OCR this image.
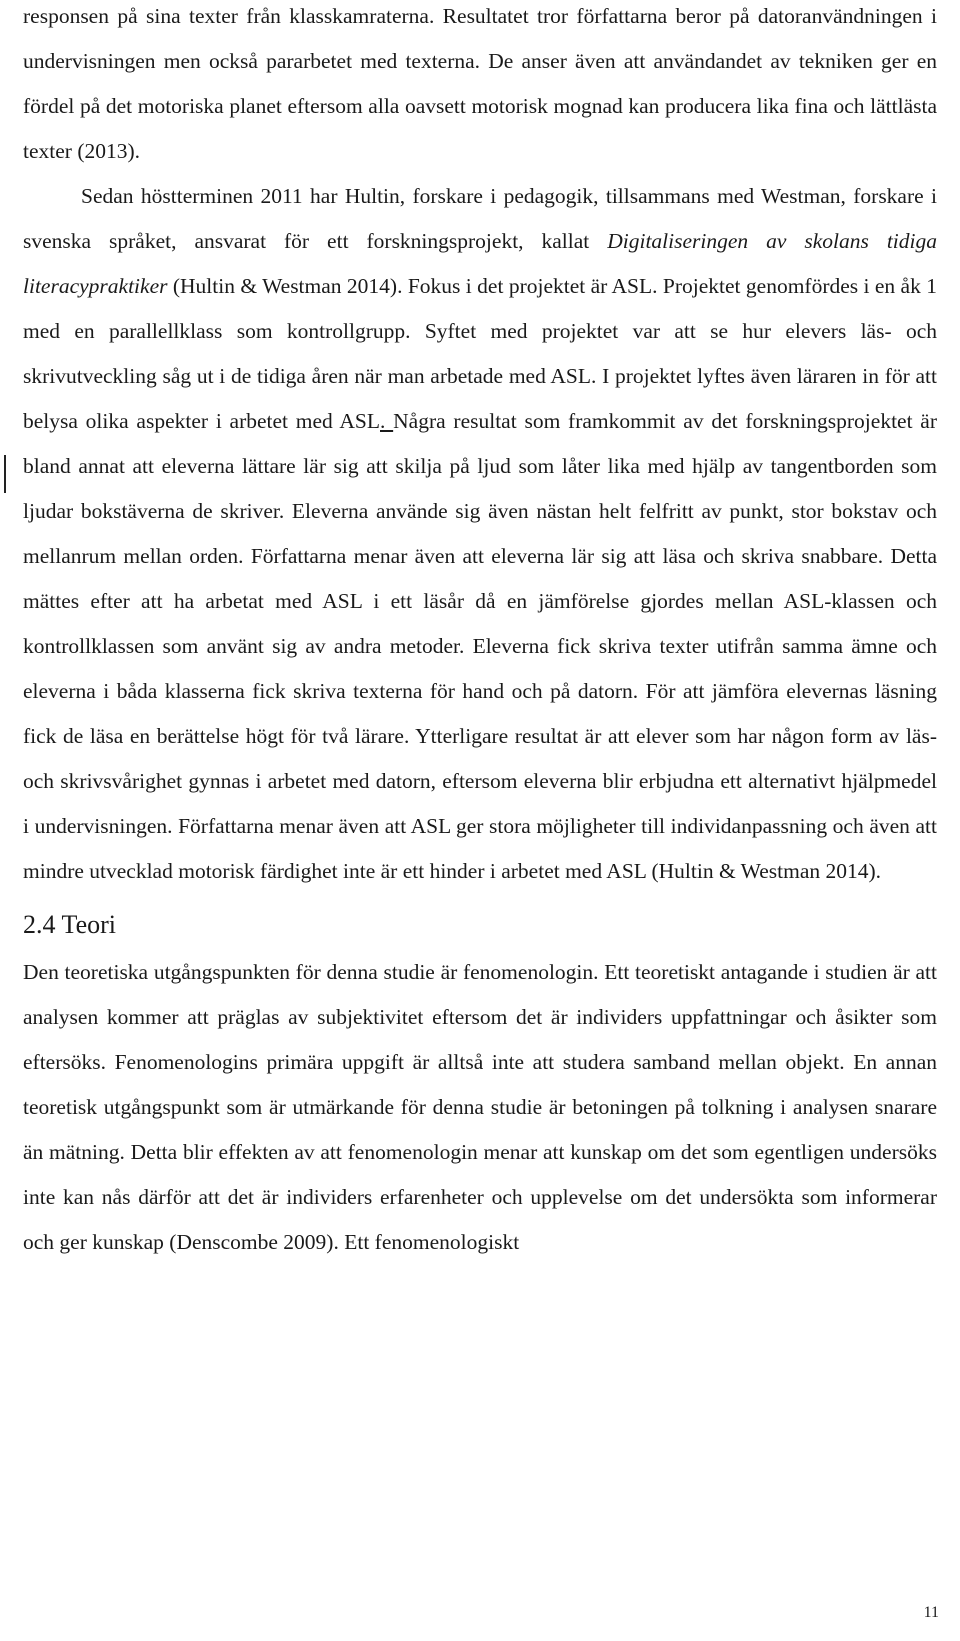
responsen på sina texter från klasskamraterna. Resultatet tror författarna beror på datoranvändningen i undervisningen men också pararbetet med texterna. De anser även att användandet av tekniken ger en fördel på det motoriska planet eftersom alla oavsett motorisk mognad kan producera lika fina och lättlästa texter (2013).

Sedan höstterminen 2011 har Hultin, forskare i pedagogik, tillsammans med Westman, forskare i svenska språket, ansvarat för ett forskningsprojekt, kallat Digitaliseringen av skolans tidiga literacypraktiker (Hultin & Westman 2014). Fokus i det projektet är ASL. Projektet genomfördes i en åk 1 med en parallellklass som kontrollgrupp. Syftet med projektet var att se hur elevers läs- och skrivutveckling såg ut i de tidiga åren när man arbetade med ASL. I projektet lyftes även läraren in för att belysa olika aspekter i arbetet med ASL. Några resultat som framkommit av det forskningsprojektet är bland annat att eleverna lättare lär sig att skilja på ljud som låter lika med hjälp av tangentborden som ljudar bokstäverna de skriver. Eleverna använde sig även nästan helt felfritt av punkt, stor bokstav och mellanrum mellan orden. Författarna menar även att eleverna lär sig att läsa och skriva snabbare. Detta mättes efter att ha arbetat med ASL i ett läsår då en jämförelse gjordes mellan ASL-klassen och kontrollklassen som använt sig av andra metoder. Eleverna fick skriva texter utifrån samma ämne och eleverna i båda klasserna fick skriva texterna för hand och på datorn. För att jämföra elevernas läsning fick de läsa en berättelse högt för två lärare. Ytterligare resultat är att elever som har någon form av läs- och skrivsvårighet gynnas i arbetet med datorn, eftersom eleverna blir erbjudna ett alternativt hjälpmedel i undervisningen. Författarna menar även att ASL ger stora möjligheter till individanpassning och även att mindre utvecklad motorisk färdighet inte är ett hinder i arbetet med ASL (Hultin & Westman 2014).

2.4 Teori

Den teoretiska utgångspunkten för denna studie är fenomenologin. Ett teoretiskt antagande i studien är att analysen kommer att präglas av subjektivitet eftersom det är individers uppfattningar och åsikter som eftersöks. Fenomenologins primära uppgift är alltså inte att studera samband mellan objekt. En annan teoretisk utgångspunkt som är utmärkande för denna studie är betoningen på tolkning i analysen snarare än mätning. Detta blir effekten av att fenomenologin menar att kunskap om det som egentligen undersöks inte kan nås därför att det är individers erfarenheter och upplevelse om det undersökta som informerar och ger kunskap (Denscombe 2009). Ett fenomenologiskt

11
